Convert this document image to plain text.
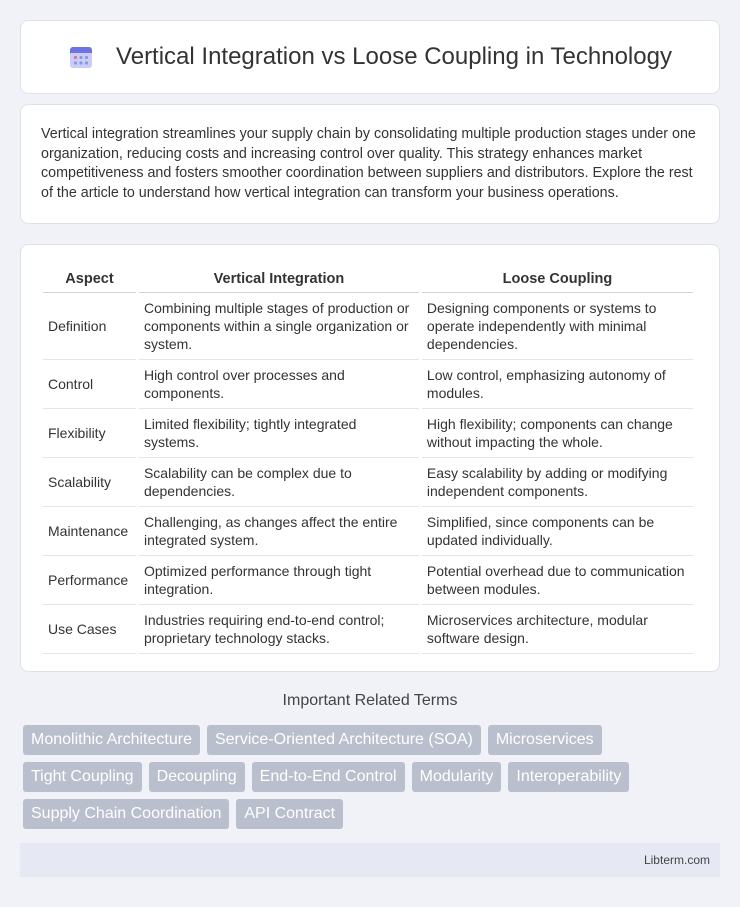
Vertical Integration vs Loose Coupling in Technology

Vertical integration streamlines your supply chain by consolidating multiple production stages under one organization, reducing costs and increasing control over quality. This strategy enhances market competitiveness and fosters smoother coordination between suppliers and distributors. Explore the rest of the article to understand how vertical integration can transform your business operations.

Aspect	Vertical Integration	Loose Coupling
Definition	Combining multiple stages of production or components within a single organization or system.	Designing components or systems to operate independently with minimal dependencies.
Control	High control over processes and components.	Low control, emphasizing autonomy of modules.
Flexibility	Limited flexibility; tightly integrated systems.	High flexibility; components can change without impacting the whole.
Scalability	Scalability can be complex due to dependencies.	Easy scalability by adding or modifying independent components.
Maintenance	Challenging, as changes affect the entire integrated system.	Simplified, since components can be updated individually.
Performance	Optimized performance through tight integration.	Potential overhead due to communication between modules.
Use Cases	Industries requiring end-to-end control; proprietary technology stacks.	Microservices architecture, modular software design.
Important Related Terms
Monolithic Architecture	Service-Oriented Architecture (SOA)	Microservices
Tight Coupling	Decoupling	End-to-End Control	Modularity	Interoperability
Supply Chain Coordination	API Contract
Libterm.com
